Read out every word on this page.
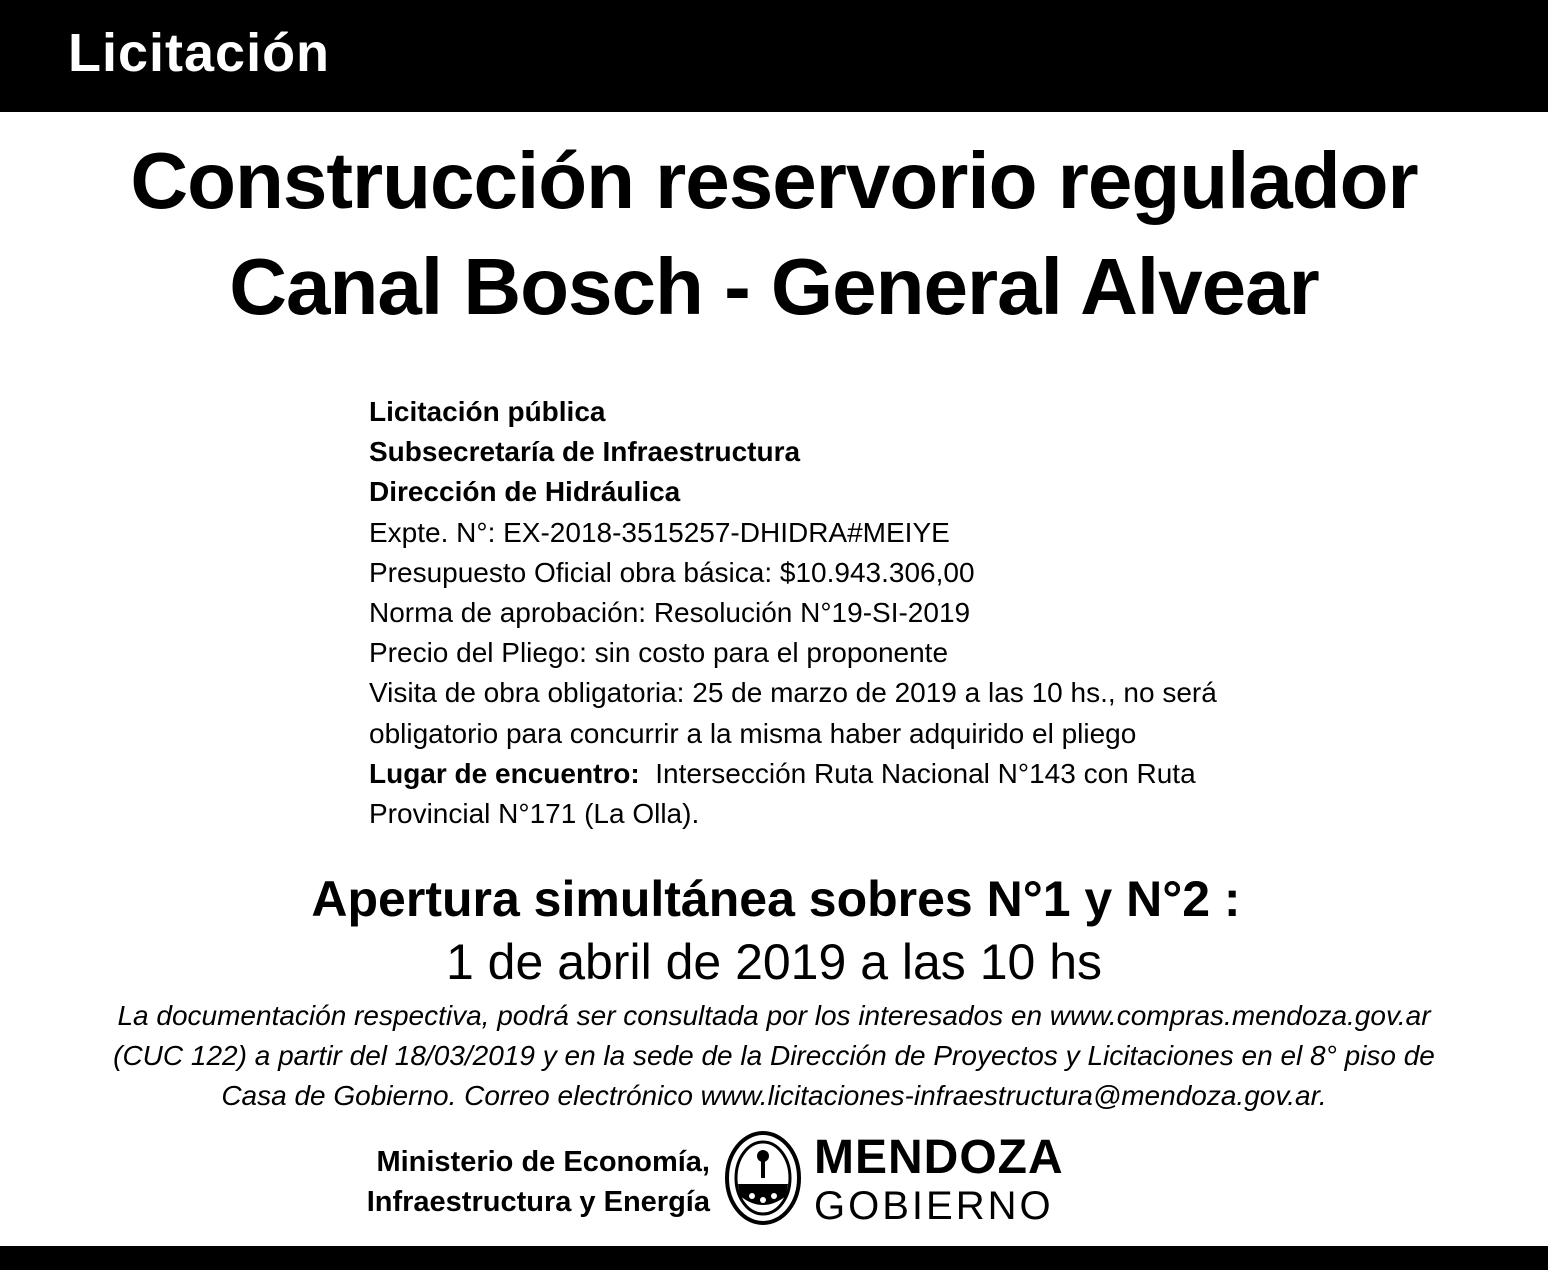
Licitación
Construcción reservorio regulador
Canal Bosch - General Alvear
Licitación pública
Subsecretaría de Infraestructura
Dirección de Hidráulica
Expte. N°: EX-2018-3515257-DHIDRA#MEIYE
Presupuesto Oficial obra básica: $10.943.306,00
Norma de aprobación: Resolución N°19-SI-2019
Precio del Pliego: sin costo para el proponente
Visita de obra obligatoria: 25 de marzo de 2019 a las 10 hs., no será
obligatorio para concurrir a la misma haber adquirido el pliego
Lugar de encuentro: Intersección Ruta Nacional N°143 con Ruta
Provincial N°171 (La Olla).
Apertura simultánea sobres N°1 y N°2 :
1 de abril de 2019 a las 10 hs
La documentación respectiva, podrá ser consultada por los interesados en www.compras.mendoza.gov.ar
(CUC 122) a partir del 18/03/2019 y en la sede de la Dirección de Proyectos y Licitaciones en el 8° piso de
Casa de Gobierno. Correo electrónico www.licitaciones-infraestructura@mendoza.gov.ar.
Ministerio de Economía,
Infraestructura y Energía
MENDOZA
GOBIERNO
